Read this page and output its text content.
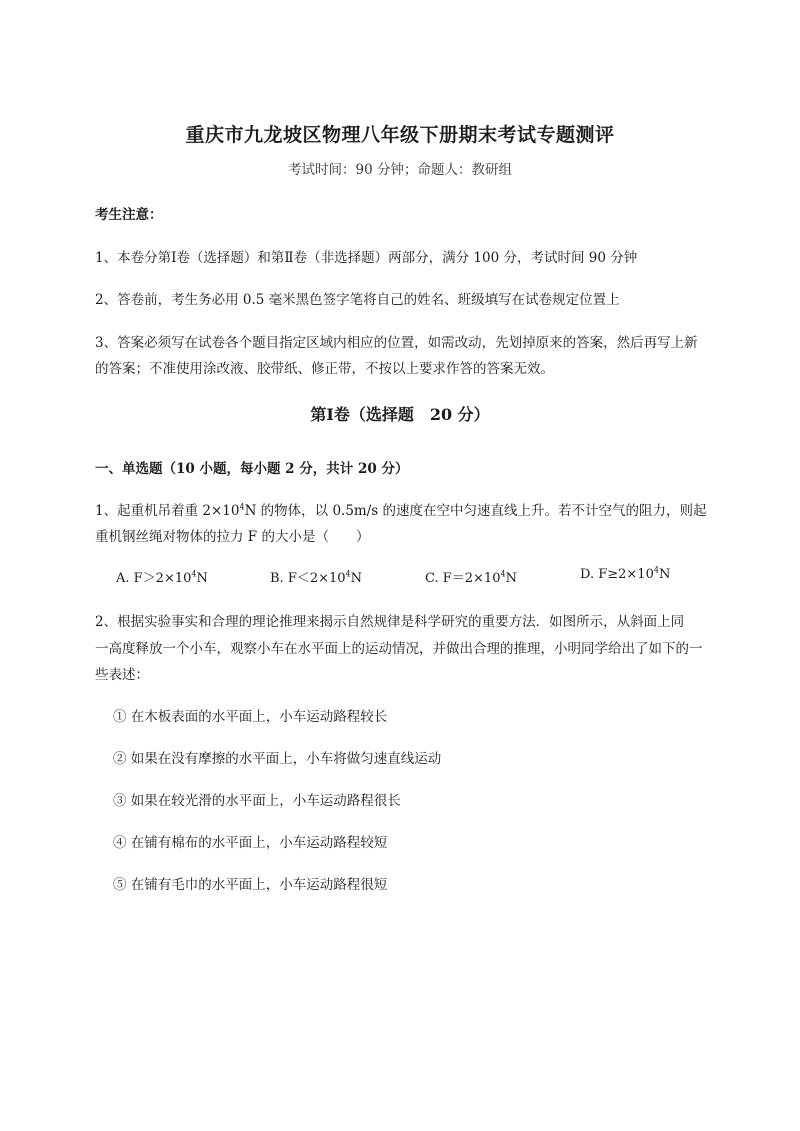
重庆市九龙坡区物理八年级下册期末考试专题测评
考试时间：90 分钟；命题人：教研组
考生注意：
1、本卷分第Ⅰ卷（选择题）和第Ⅱ卷（非选择题）两部分，满分 100 分，考试时间 90 分钟
2、答卷前，考生务必用 0.5 毫米黑色签字笔将自己的姓名、班级填写在试卷规定位置上
3、答案必须写在试卷各个题目指定区域内相应的位置，如需改动，先划掉原来的答案，然后再写上新
的答案；不准使用涂改液、胶带纸、修正带，不按以上要求作答的答案无效。
第Ⅰ卷（选择题　20 分）
一、单选题（10 小题，每小题 2 分，共计 20 分）
1、起重机吊着重 $2\times 10^4N$ 的物体，以 0.5m/s 的速度在空中匀速直线上升。若不计空气的阻力，则起
重机钢丝绳对物体的拉力 F 的大小是（　　）
A. $F>2\times 10^4N$	B. $F<2\times 10^4N$	C. $F=2\times 10^4N$	D. $F\ge 2\times 10^4N$
2、根据实验事实和合理的理论推理来揭示自然规律是科学研究的重要方法．如图所示，从斜面上同
一高度释放一个小车，观察小车在水平面上的运动情况，并做出合理的推理，小明同学给出了如下的一
些表述：
① 在木板表面的水平面上，小车运动路程较长
② 如果在没有摩擦的水平面上，小车将做匀速直线运动
③ 如果在较光滑的水平面上，小车运动路程很长
④ 在铺有棉布的水平面上，小车运动路程较短
⑤ 在铺有毛巾的水平面上，小车运动路程很短
